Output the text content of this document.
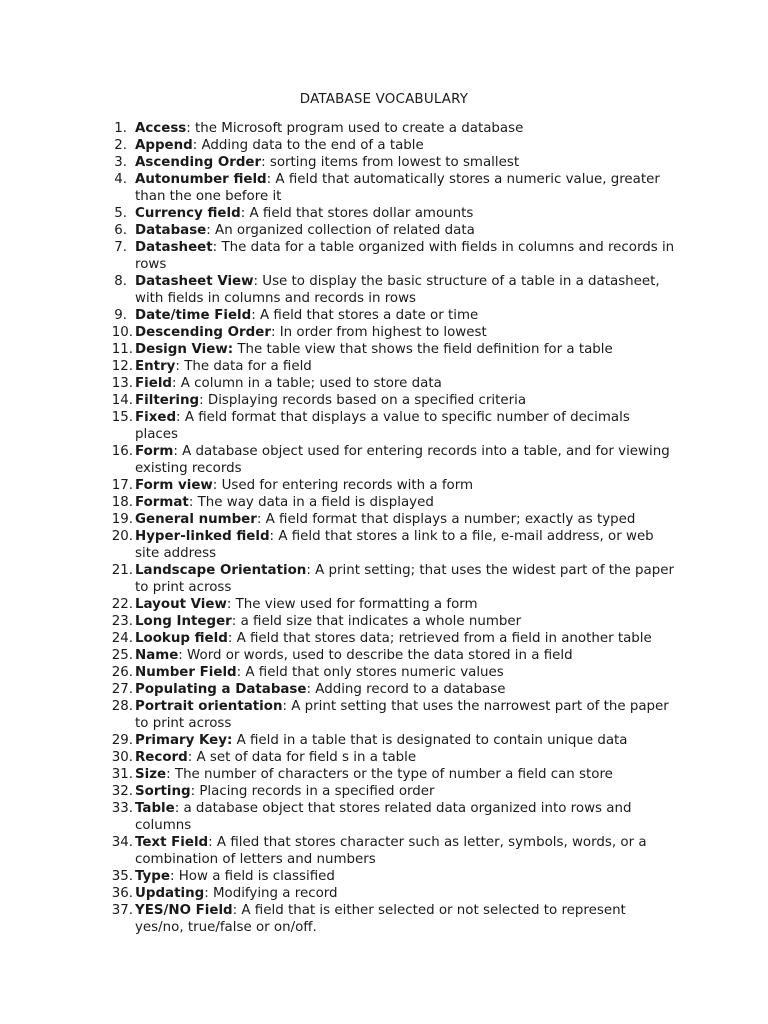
DATABASE VOCABULARY
1. Access: the Microsoft program used to create a database
2. Append: Adding data to the end of a table
3. Ascending Order: sorting items from lowest to smallest
4. Autonumber field: A field that automatically stores a numeric value, greater than the one before it
5. Currency field: A field that stores dollar amounts
6. Database: An organized collection of related data
7. Datasheet: The data for a table organized with fields in columns and records in rows
8. Datasheet View: Use to display the basic structure of a table in a datasheet, with fields in columns and records in rows
9. Date/time Field: A field that stores a date or time
10. Descending Order: In order from highest to lowest
11. Design View: The table view that shows the field definition for a table
12. Entry: The data for a field
13. Field: A column in a table; used to store data
14. Filtering: Displaying records based on a specified criteria
15. Fixed: A field format that displays a value to specific number of decimals places
16. Form: A database object used for entering records into a table, and for viewing existing records
17. Form view: Used for entering records with a form
18. Format: The way data in a field is displayed
19. General number: A field format that displays a number; exactly as typed
20. Hyper-linked field: A field that stores a link to a file, e-mail address, or web site address
21. Landscape Orientation: A print setting; that uses the widest part of the paper to print across
22. Layout View: The view used for formatting a form
23. Long Integer: a field size that indicates a whole number
24. Lookup field: A field that stores data; retrieved from a field in another table
25. Name: Word or words, used to describe the data stored in a field
26. Number Field: A field that only stores numeric values
27. Populating a Database: Adding record to a database
28. Portrait orientation: A print setting that uses the narrowest part of the paper to print across
29. Primary Key: A field in a table that is designated to contain unique data
30. Record: A set of data for field s in a table
31. Size: The number of characters or the type of number a field can store
32. Sorting: Placing records in a specified order
33. Table: a database object that stores related data organized into rows and columns
34. Text Field: A filed that stores character such as letter, symbols, words, or a combination of letters and numbers
35. Type: How a field is classified
36. Updating: Modifying a record
37. YES/NO Field: A field that is either selected or not selected to represent yes/no, true/false or on/off.
